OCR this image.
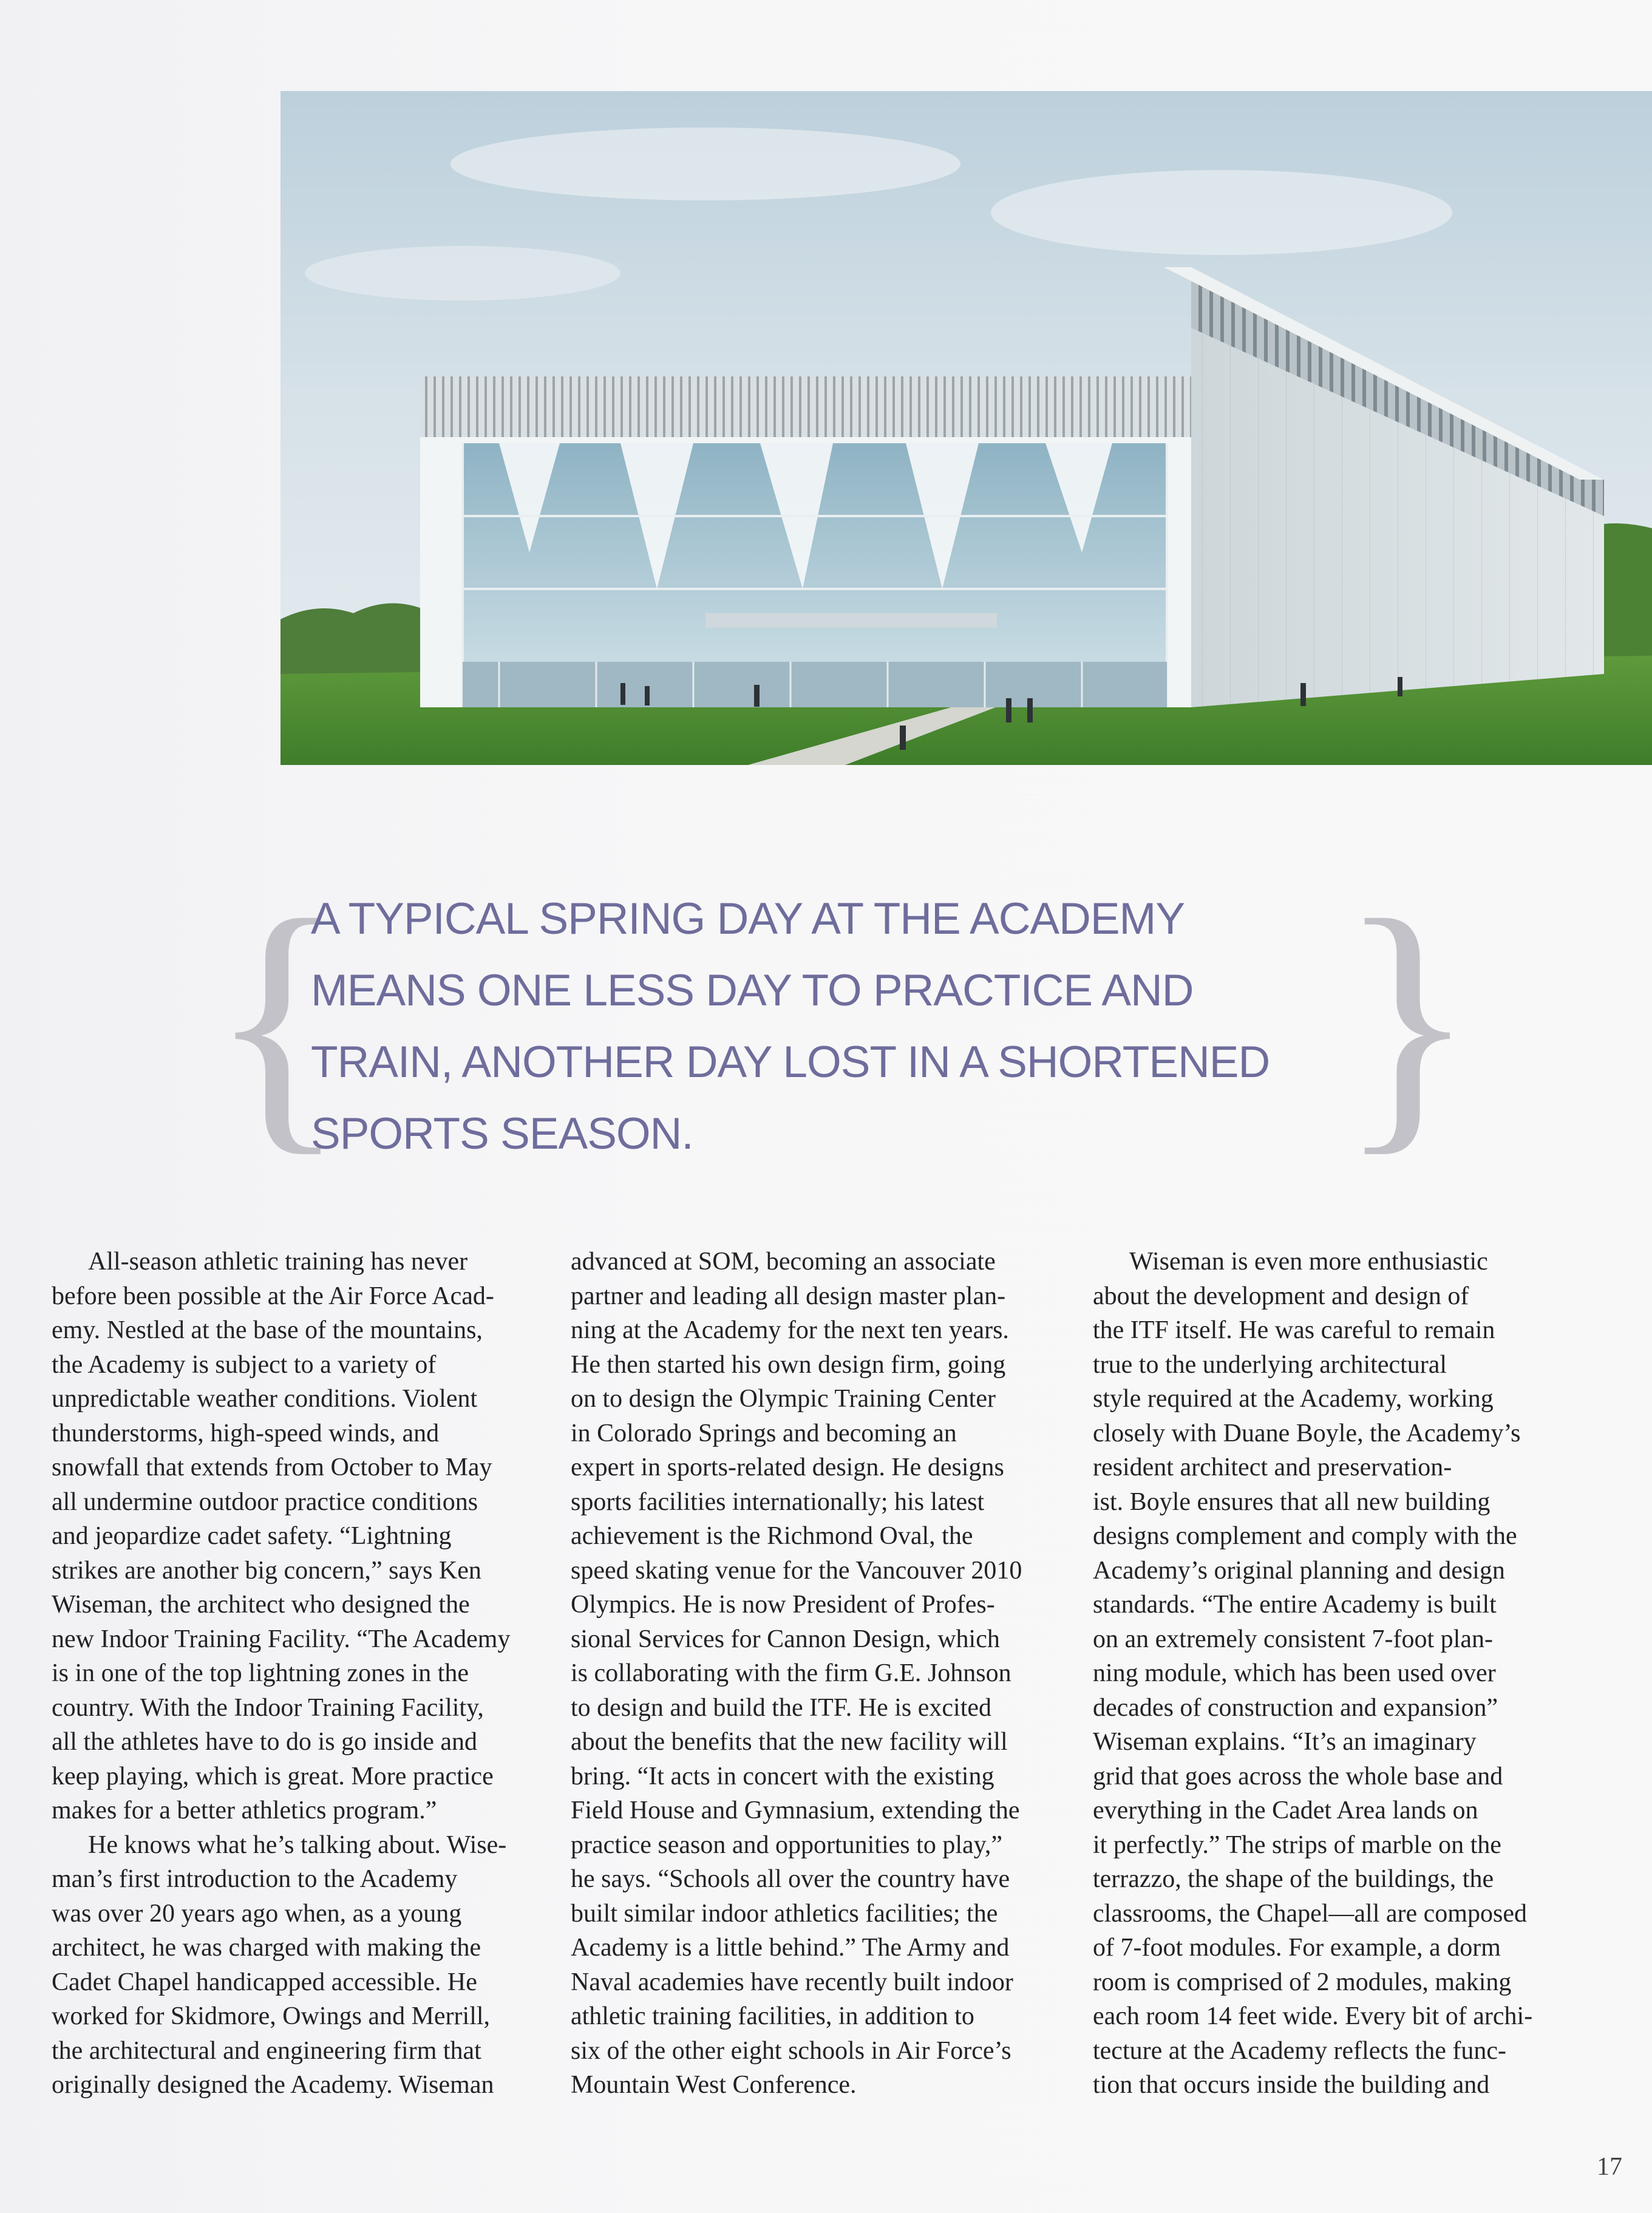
{
A TYPICAL SPRING DAY AT THE ACADEMY
MEANS ONE LESS DAY TO PRACTICE AND
TRAIN, ANOTHER DAY LOST IN A SHORTENED
SPORTS SEASON.	}
All-season athletic training has never
before been possible at the Air Force Acad-
emy. Nestled at the base of the mountains,
the Academy is subject to a variety of
unpredictable weather conditions. Violent
thunderstorms, high-speed winds, and
snowfall that extends from October to May
all undermine outdoor practice conditions
and jeopardize cadet safety. “Lightning
strikes are another big concern,” says Ken
Wiseman, the architect who designed the
new Indoor Training Facility. “The Academy
is in one of the top lightning zones in the
country. With the Indoor Training Facility,
all the athletes have to do is go inside and
keep playing, which is great. More practice
makes for a better athletics program.”
He knows what he’s talking about. Wise-
man’s first introduction to the Academy
was over 20 years ago when, as a young
architect, he was charged with making the
Cadet Chapel handicapped accessible. He
worked for Skidmore, Owings and Merrill,
the architectural and engineering firm that
originally designed the Academy. Wiseman
advanced at SOM, becoming an associate
partner and leading all design master plan-
ning at the Academy for the next ten years.
He then started his own design firm, going
on to design the Olympic Training Center
in Colorado Springs and becoming an
expert in sports-related design. He designs
sports facilities internationally; his latest
achievement is the Richmond Oval, the
speed skating venue for the Vancouver 2010
Olympics. He is now President of Profes-
sional Services for Cannon Design, which
is collaborating with the firm G.E. Johnson
to design and build the ITF. He is excited
about the benefits that the new facility will
bring. “It acts in concert with the existing
Field House and Gymnasium, extending the
practice season and opportunities to play,”
he says. “Schools all over the country have
built similar indoor athletics facilities; the
Academy is a little behind.” The Army and
Naval academies have recently built indoor
athletic training facilities, in addition to
six of the other eight schools in Air Force’s
Mountain West Conference.
Wiseman is even more enthusiastic
about the development and design of
the ITF itself. He was careful to remain
true to the underlying architectural
style required at the Academy, working
closely with Duane Boyle, the Academy’s
resident architect and preservation-
ist. Boyle ensures that all new building
designs complement and comply with the
Academy’s original planning and design
standards. “The entire Academy is built
on an extremely consistent 7-foot plan-
ning module, which has been used over
decades of construction and expansion”
Wiseman explains. “It’s an imaginary
grid that goes across the whole base and
everything in the Cadet Area lands on
it perfectly.” The strips of marble on the
terrazzo, the shape of the buildings, the
classrooms, the Chapel—all are composed
of 7-foot modules. For example, a dorm
room is comprised of 2 modules, making
each room 14 feet wide. Every bit of archi-
tecture at the Academy reflects the func-
tion that occurs inside the building and
17
